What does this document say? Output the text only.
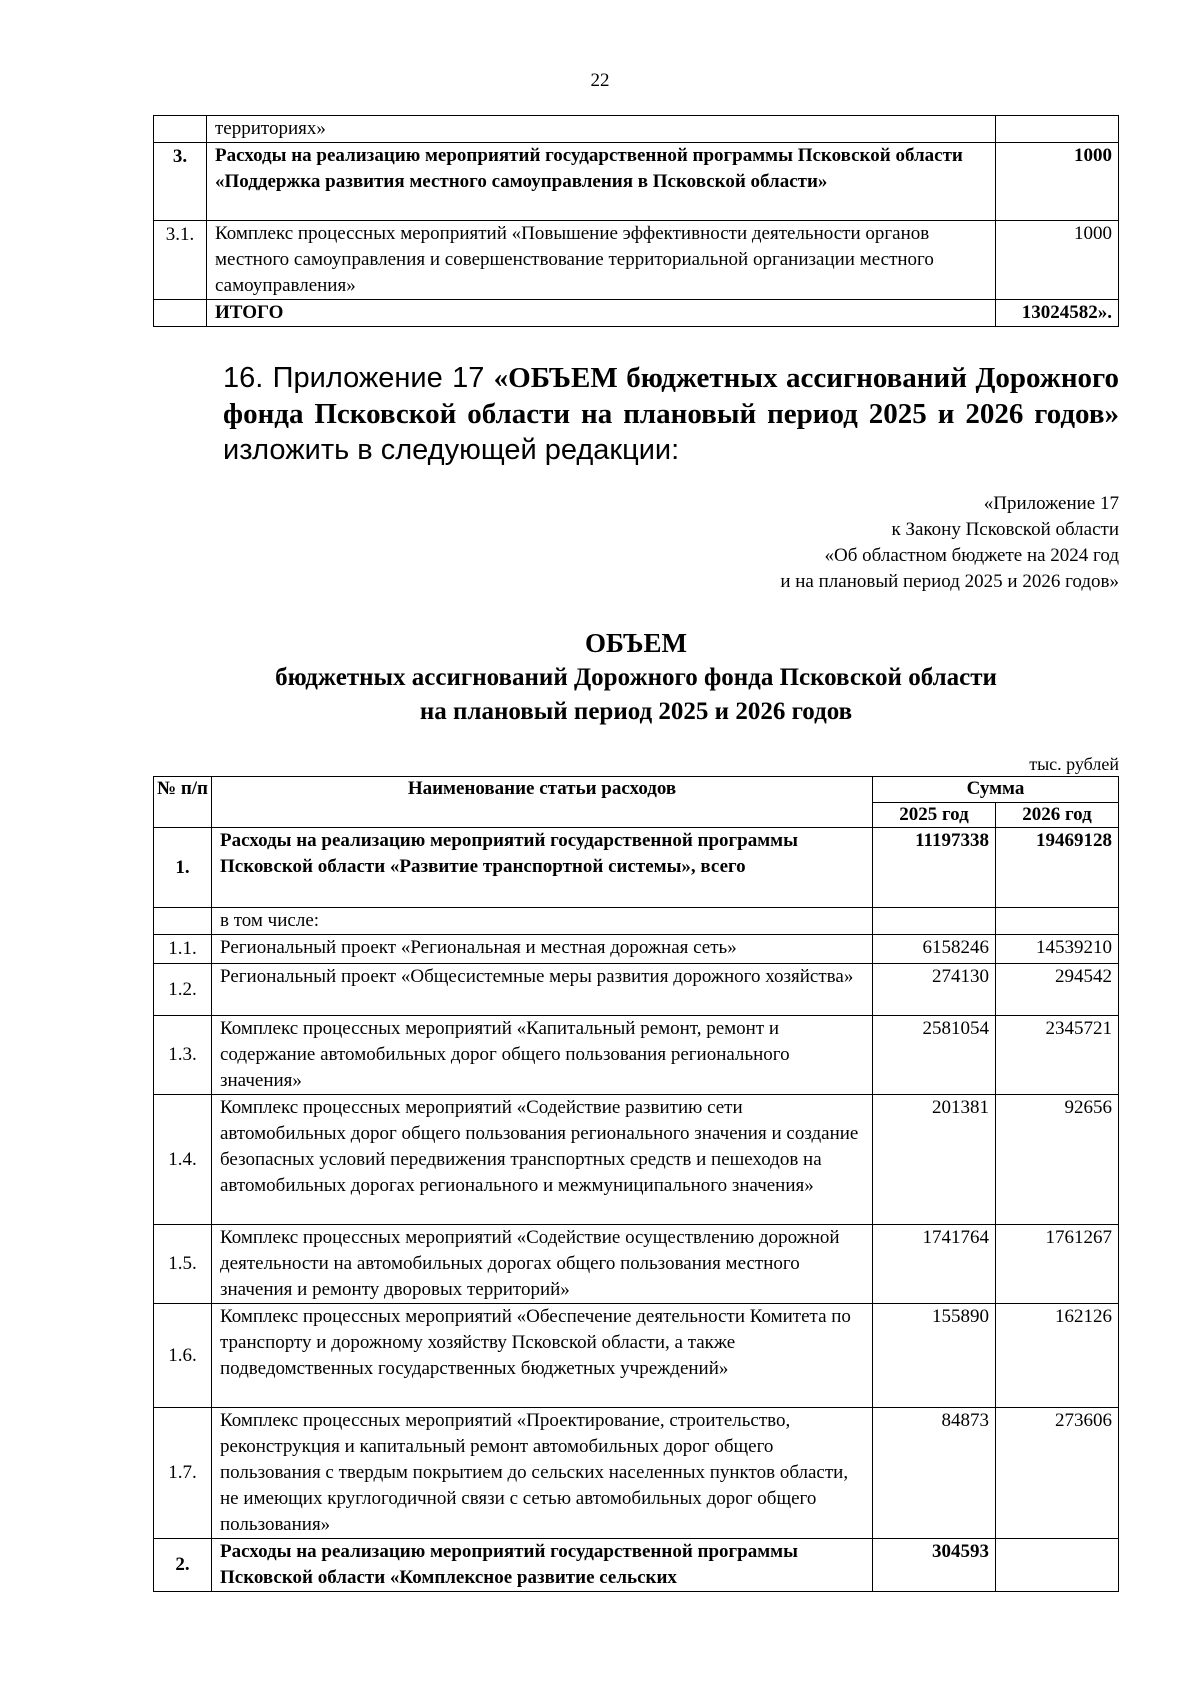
22
	территориях»	
3.	Расходы на реализацию мероприятий государственной программы Псковской области «Поддержка развития местного самоуправления в Псковской области»	1000
3.1.	Комплекс процессных мероприятий «Повышение эффективности деятельности органов местного самоуправления и совершенствование территориальной организации местного самоуправления»	1000
	ИТОГО	13024582».
16. Приложение 17 «ОБЪЕМ бюджетных ассигнований Дорожного фонда Псковской области на плановый период 2025 и 2026 годов» изложить в следующей редакции:
«Приложение 17
к Закону Псковской области
«Об областном бюджете на 2024 год
и на плановый период 2025 и 2026 годов»
ОБЪЕМ
бюджетных ассигнований Дорожного фонда Псковской области
на плановый период 2025 и 2026 годов
тыс. рублей
№ п/п	Наименование статьи расходов	Сумма	
		2025 год	2026 год
1.	Расходы на реализацию мероприятий государственной программы Псковской области «Развитие транспортной системы», всего	11197338	19469128
	в том числе:		
1.1.	Региональный проект «Региональная и местная дорожная сеть»	6158246	14539210
1.2.	Региональный проект «Общесистемные меры развития дорожного хозяйства»	274130	294542
1.3.	Комплекс процессных мероприятий «Капитальный ремонт, ремонт и содержание автомобильных дорог общего пользования регионального значения»	2581054	2345721
1.4.	Комплекс процессных мероприятий «Содействие развитию сети автомобильных дорог общего пользования регионального значения и создание безопасных условий передвижения транспортных средств и пешеходов на автомобильных дорогах регионального и межмуниципального значения»	201381	92656
1.5.	Комплекс процессных мероприятий «Содействие осуществлению дорожной деятельности на автомобильных дорогах общего пользования местного значения и ремонту дворовых территорий»	1741764	1761267
1.6.	Комплекс процессных мероприятий «Обеспечение деятельности Комитета по транспорту и дорожному хозяйству Псковской области, а также подведомственных государственных бюджетных учреждений»	155890	162126
1.7.	Комплекс процессных мероприятий «Проектирование, строительство, реконструкция и капитальный ремонт автомобильных дорог общего пользования с твердым покрытием до сельских населенных пунктов области, не имеющих круглогодичной связи с сетью автомобильных дорог общего пользования»	84873	273606
2.	Расходы на реализацию мероприятий государственной программы Псковской области «Комплексное развитие сельских	304593	
